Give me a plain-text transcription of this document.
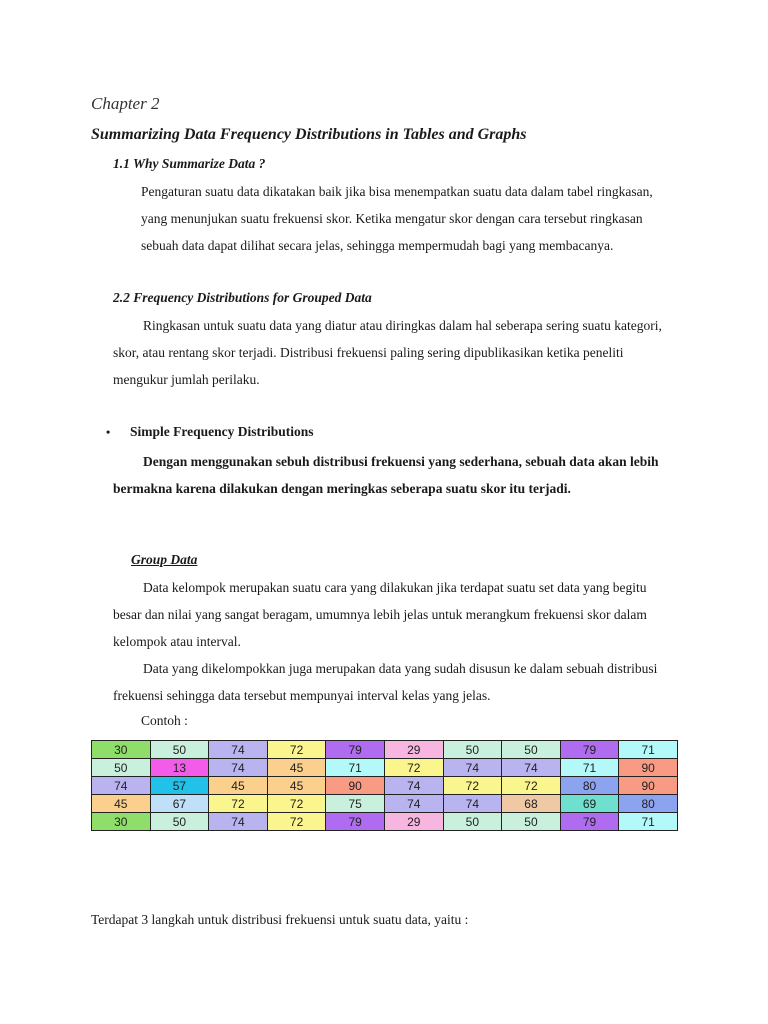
Chapter 2
Summarizing Data Frequency Distributions in Tables and Graphs
1.1 Why Summarize Data ?
Pengaturan suatu data dikatakan baik jika bisa menempatkan suatu data dalam tabel ringkasan, yang menunjukan suatu frekuensi skor. Ketika mengatur skor dengan cara tersebut ringkasan sebuah data dapat dilihat secara jelas, sehingga mempermudah bagi yang membacanya.
2.2 Frequency Distributions for Grouped Data
Ringkasan untuk suatu data yang diatur atau diringkas dalam hal seberapa sering suatu kategori, skor, atau rentang skor terjadi. Distribusi frekuensi paling sering dipublikasikan ketika peneliti mengukur jumlah perilaku.
• Simple Frequency Distributions
Dengan menggunakan sebuh distribusi frekuensi yang sederhana, sebuah data akan lebih bermakna karena dilakukan dengan meringkas seberapa suatu skor itu terjadi.
Group Data
Data kelompok merupakan suatu cara yang dilakukan jika terdapat suatu set data yang begitu besar dan nilai yang sangat beragam, umumnya lebih jelas untuk merangkum frekuensi skor dalam kelompok atau interval.
Data yang dikelompokkan juga merupakan data yang sudah disusun ke dalam sebuah distribusi frekuensi sehingga data tersebut mempunyai interval kelas yang jelas.
Contoh :
30	50	74	72	79	29	50	50	79	71
50	13	74	45	71	72	74	74	71	90
74	57	45	45	90	74	72	72	80	90
45	67	72	72	75	74	74	68	69	80
30	50	74	72	79	29	50	50	79	71
Terdapat 3 langkah untuk distribusi frekuensi untuk suatu data, yaitu :
